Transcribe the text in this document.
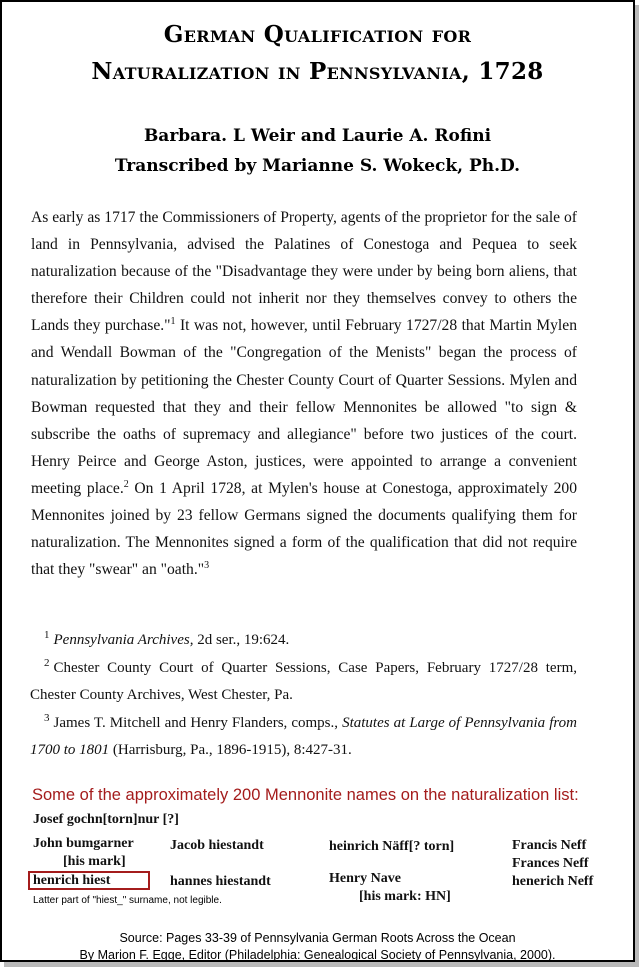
German Qualification for
Naturalization in Pennsylvania, 1728
Barbara. L Weir and Laurie A. Rofini
Transcribed by Marianne S. Wokeck, Ph.D.
As early as 1717 the Commissioners of Property, agents of the proprietor for the sale of land in Pennsylvania, advised the Palatines of Conestoga and Pequea to seek naturalization because of the "Disadvantage they were under by being born aliens, that therefore their Children could not inherit nor they themselves convey to others the Lands they purchase."$^1$ It was not, however, until February 1727/28 that Martin Mylen and Wendall Bowman of the "Congregation of the Menists" began the process of naturalization by petitioning the Chester County Court of Quarter Sessions. Mylen and Bowman requested that they and their fellow Mennonites be allowed "to sign & subscribe the oaths of supremacy and allegiance" before two justices of the court. Henry Peirce and George Aston, justices, were appointed to arrange a convenient meeting place.$^2$ On 1 April 1728, at Mylen's house at Conestoga, approximately 200 Mennonites joined by 23 fellow Germans signed the documents qualifying them for naturalization. The Mennonites signed a form of the qualification that did not require that they "swear" an "oath."$^3$

$^1$ Pennsylvania Archives, 2d ser., 19:624.

$^2$ Chester County Court of Quarter Sessions, Case Papers, February 1727/28 term, Chester County Archives, West Chester, Pa.

$^3$ James T. Mitchell and Henry Flanders, comps., Statutes at Large of Pennsylvania from 1700 to 1801 (Harrisburg, Pa., 1896-1915), 8:427-31.

Some of the approximately 200 Mennonite names on the naturalization list:
Josef gochn[torn]nur [?]
John bumgarner
[his mark]
Jacob hiestandt	heinrich Näff[? torn]	Francis Neff
Frances Neff
henrich hiest	hannes hiestandt	Henry Nave
[his mark: HN]
henerich Neff
Latter part of "hiest_" surname, not legible.
Source: Pages 33-39 of Pennsylvania German Roots Across the Ocean
By Marion F. Egge, Editor (Philadelphia: Genealogical Society of Pennsylvania, 2000).
